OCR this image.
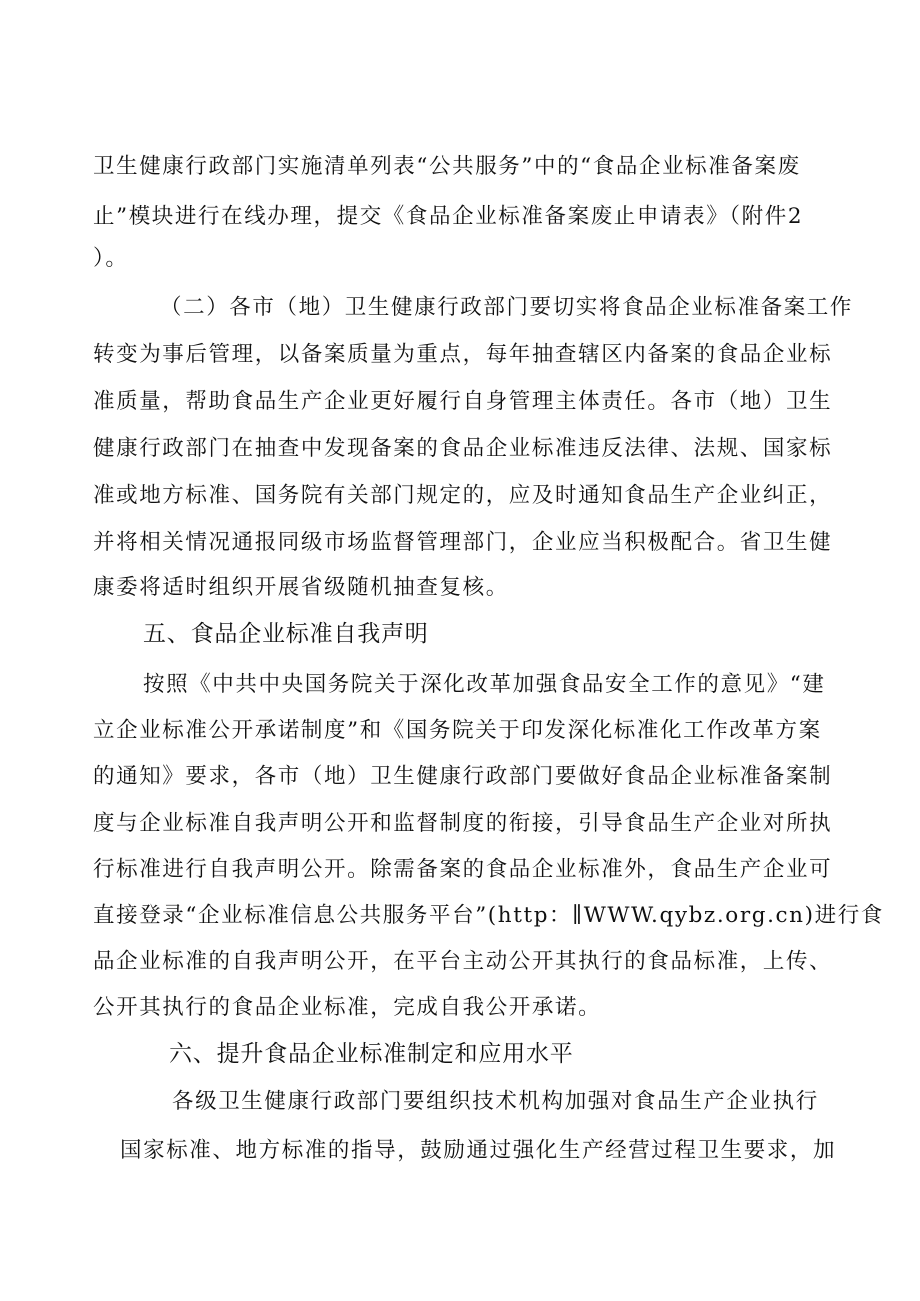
卫生健康行政部门实施清单列表“公共服务”中的“食品企业标准备案废
止”模块进行在线办理，提交《食品企业标准备案废止申请表》（附件2
）。
（二）各市（地）卫生健康行政部门要切实将食品企业标准备案工作
转变为事后管理，以备案质量为重点，每年抽查辖区内备案的食品企业标
准质量，帮助食品生产企业更好履行自身管理主体责任。各市（地）卫生
健康行政部门在抽查中发现备案的食品企业标准违反法律、法规、国家标
准或地方标准、国务院有关部门规定的，应及时通知食品生产企业纠正，
并将相关情况通报同级市场监督管理部门，企业应当积极配合。省卫生健
康委将适时组织开展省级随机抽查复核。
五、食品企业标准自我声明
按照《中共中央国务院关于深化改革加强食品安全工作的意见》“建
立企业标准公开承诺制度”和《国务院关于印发深化标准化工作改革方案
的通知》要求，各市（地）卫生健康行政部门要做好食品企业标准备案制
度与企业标准自我声明公开和监督制度的衔接，引导食品生产企业对所执
行标准进行自我声明公开。除需备案的食品企业标准外，食品生产企业可
直接登录“企业标准信息公共服务平台”(http：∥WWW.qybz.org.cn)进行食
品企业标准的自我声明公开，在平台主动公开其执行的食品标准，上传、
公开其执行的食品企业标准，完成自我公开承诺。
六、提升食品企业标准制定和应用水平
各级卫生健康行政部门要组织技术机构加强对食品生产企业执行
国家标准、地方标准的指导，鼓励通过强化生产经营过程卫生要求，加
